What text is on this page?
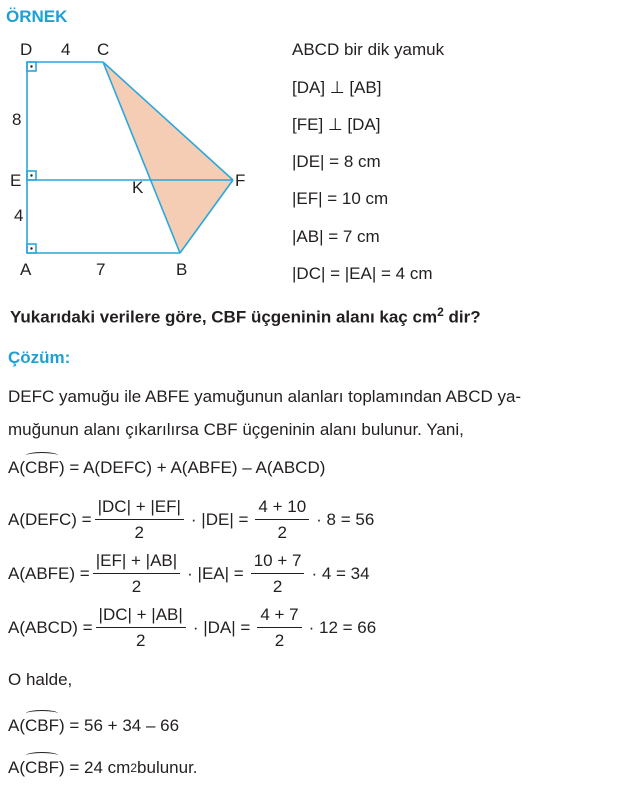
ÖRNEK
D 4 C
8
E	K	F
4
A	7	B
ABCD bir dik yamuk
[DA] ⊥ [AB]
[FE] ⊥ [DA]
|DE| = 8 cm
|EF| = 10 cm
|AB| = 7 cm
|DC| = |EA| = 4 cm
Yukarıdaki verilere göre, CBF üçgeninin alanı kaç $cm^2$ dir?
Çözüm:
DEFC yamuğu ile ABFE yamuğunun alanları toplamından ABCD ya-
muğunun alanı çıkarılırsa CBF üçgeninin alanı bulunur. Yani,
A( CBF ) = A(DEFC) + A(ABFE) – A(ABCD)
A(DEFC) = $\frac{|DC| + |EF|}{2} \cdot |DE| = \frac{4 + 10}{2} \cdot 8 = 56$
A(ABFE) = $\frac{|EF| + |AB|}{2} \cdot |EA| = \frac{10 + 7}{2} \cdot 4 = 34$
A(ABCD) = $\frac{|DC| + |AB|}{2} \cdot |DA| = \frac{4 + 7}{2} \cdot 12 = 66$
O halde,
A( CBF ) = 56 + 34 – 66
A( CBF ) = 24 cm 2 bulunur.
